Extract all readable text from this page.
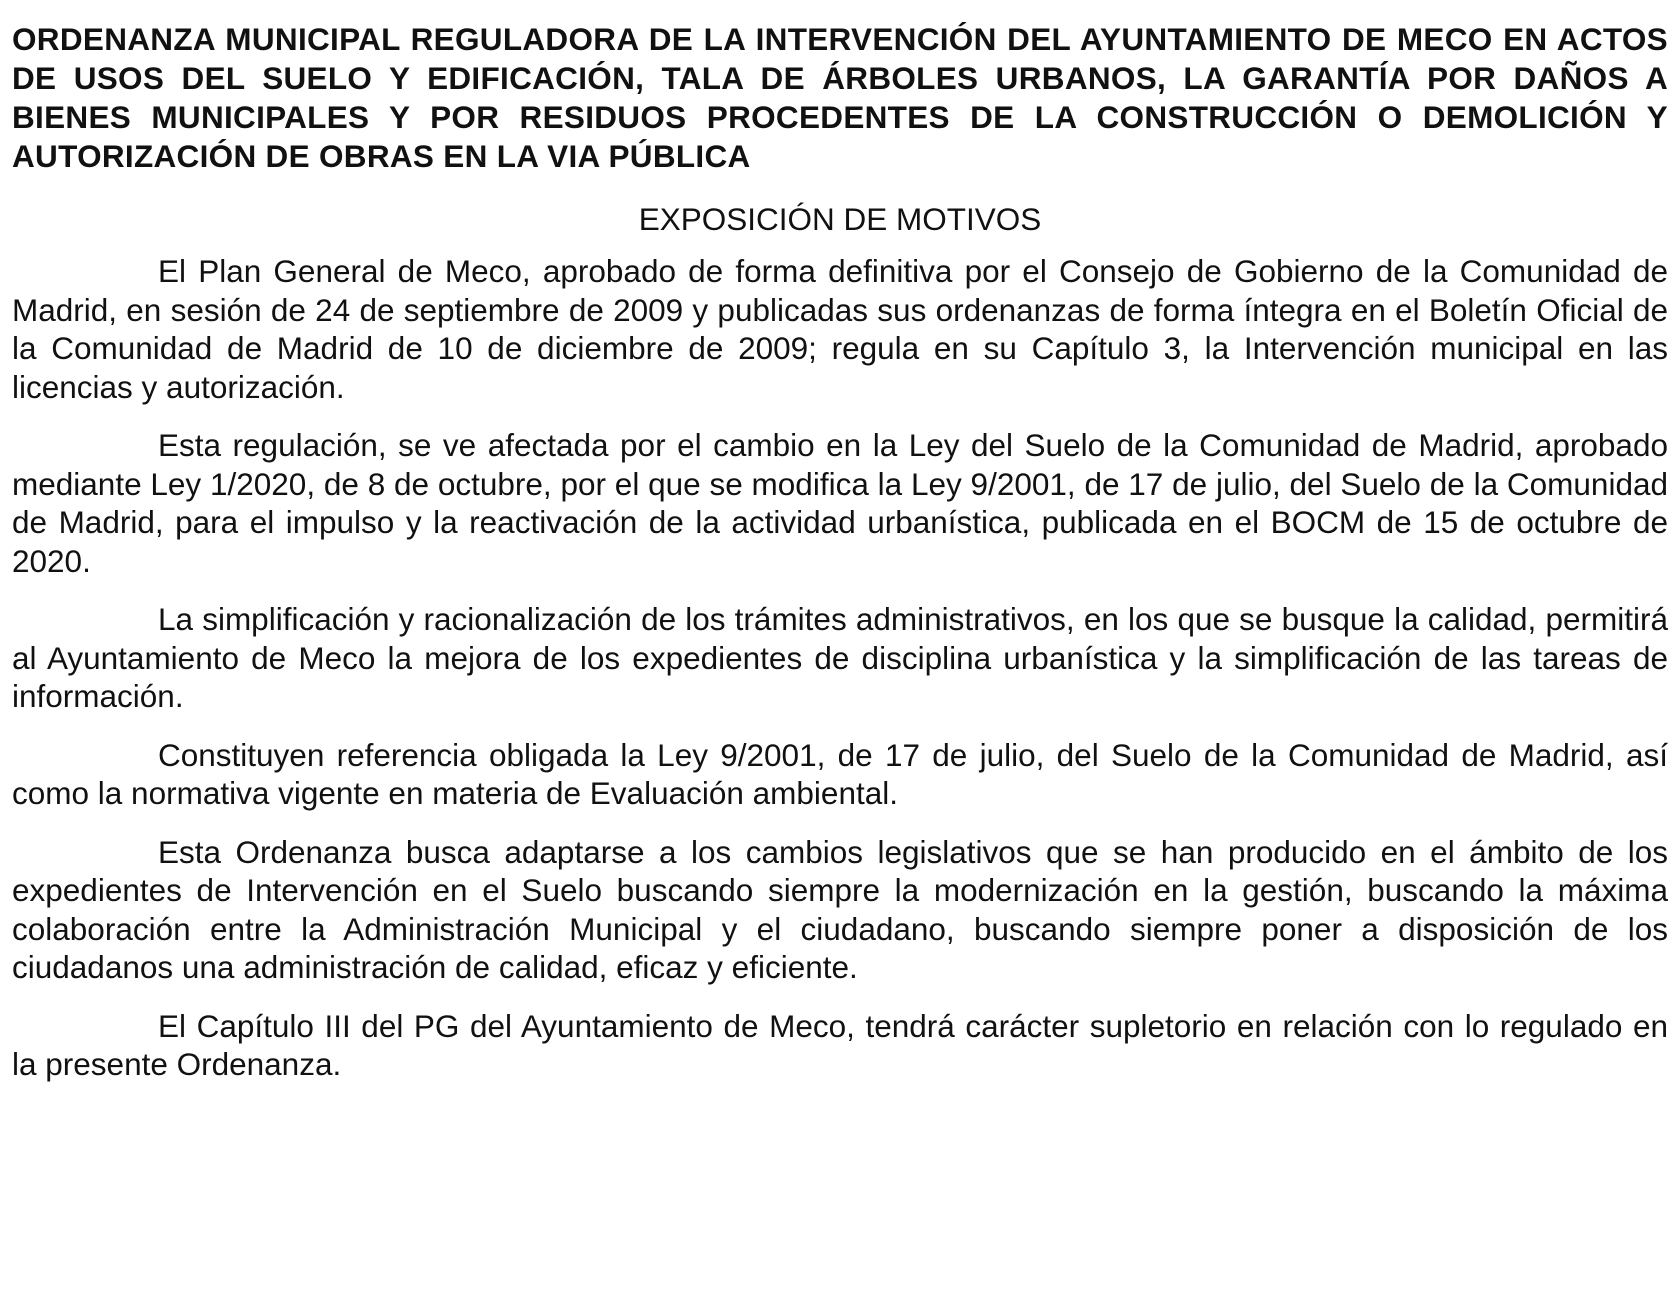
ORDENANZA MUNICIPAL REGULADORA DE LA INTERVENCIÓN DEL AYUNTAMIENTO DE MECO EN ACTOS DE USOS DEL SUELO Y EDIFICACIÓN, TALA DE ÁRBOLES URBANOS, LA GARANTÍA POR DAÑOS A BIENES MUNICIPALES Y POR RESIDUOS PROCEDENTES DE LA CONSTRUCCIÓN O DEMOLICIÓN Y AUTORIZACIÓN DE OBRAS EN LA VIA PÚBLICA
EXPOSICIÓN DE MOTIVOS

El Plan General de Meco, aprobado de forma definitiva por el Consejo de Gobierno de la Comunidad de Madrid, en sesión de 24 de septiembre de 2009 y publicadas sus ordenanzas de forma íntegra en el Boletín Oficial de la Comunidad de Madrid de 10 de diciembre de 2009; regula en su Capítulo 3, la Intervención municipal en las licencias y autorización.

Esta regulación, se ve afectada por el cambio en la Ley del Suelo de la Comunidad de Madrid, aprobado mediante Ley 1/2020, de 8 de octubre, por el que se modifica la Ley 9/2001, de 17 de julio, del Suelo de la Comunidad de Madrid, para el impulso y la reactivación de la actividad urbanística, publicada en el BOCM de 15 de octubre de 2020.

La simplificación y racionalización de los trámites administrativos, en los que se busque la calidad, permitirá al Ayuntamiento de Meco la mejora de los expedientes de disciplina urbanística y la simplificación de las tareas de información.

Constituyen referencia obligada la Ley 9/2001, de 17 de julio, del Suelo de la Comunidad de Madrid, así como la normativa vigente en materia de Evaluación ambiental.

Esta Ordenanza busca adaptarse a los cambios legislativos que se han producido en el ámbito de los expedientes de Intervención en el Suelo buscando siempre la modernización en la gestión, buscando la máxima colaboración entre la Administración Municipal y el ciudadano, buscando siempre poner a disposición de los ciudadanos una administración de calidad, eficaz y eficiente.

El Capítulo III del PG del Ayuntamiento de Meco, tendrá carácter supletorio en relación con lo regulado en la presente Ordenanza.
